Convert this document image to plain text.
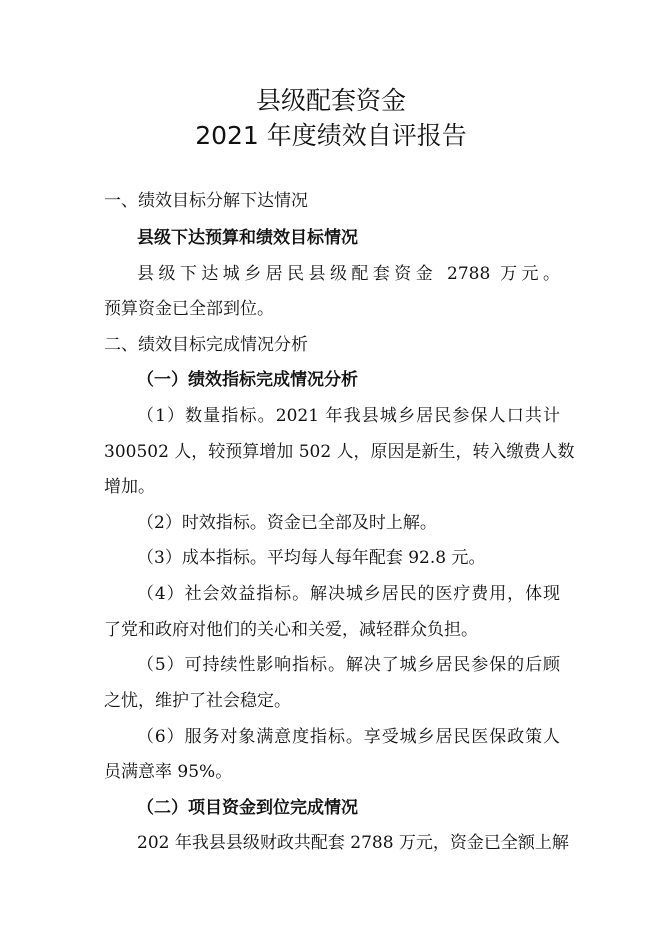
县级配套资金
2021 年度绩效自评报告

一、绩效目标分解下达情况

县级下达预算和绩效目标情况

县级下达城乡居民县级配套资金 2788 万元。

预算资金已全部到位。

二、绩效目标完成情况分析

（一）绩效指标完成情况分析

（1）数量指标。2021 年我县城乡居民参保人口共计

300502 人，较预算增加 502 人，原因是新生，转入缴费人数

增加。

（2）时效指标。资金已全部及时上解。

（3）成本指标。平均每人每年配套 92.8 元。

（4）社会效益指标。解决城乡居民的医疗费用，体现

了党和政府对他们的关心和关爱，减轻群众负担。

（5）可持续性影响指标。解决了城乡居民参保的后顾

之忧，维护了社会稳定。

（6）服务对象满意度指标。享受城乡居民医保政策人

员满意率 95%。

（二）项目资金到位完成情况

202 年我县县级财政共配套 2788 万元，资金已全额上解
